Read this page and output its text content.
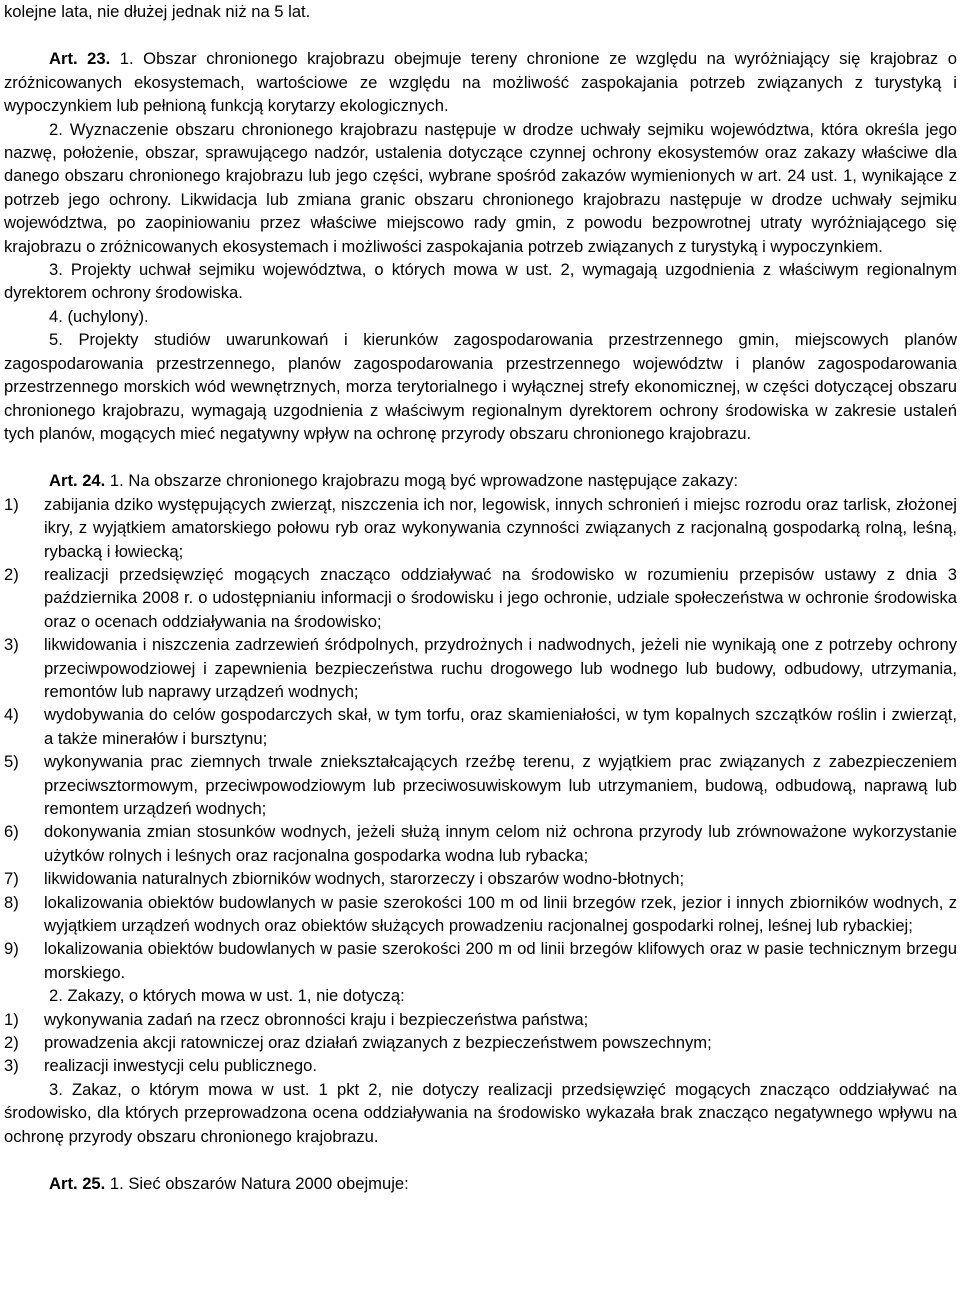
kolejne lata, nie dłużej jednak niż na 5 lat.

Art. 23. 1. Obszar chronionego krajobrazu obejmuje tereny chronione ze względu na wyróżniający się krajobraz o zróżnicowanych ekosystemach, wartościowe ze względu na możliwość zaspokajania potrzeb związanych z turystyką i wypoczynkiem lub pełnioną funkcją korytarzy ekologicznych.

2. Wyznaczenie obszaru chronionego krajobrazu następuje w drodze uchwały sejmiku województwa, która określa jego nazwę, położenie, obszar, sprawującego nadzór, ustalenia dotyczące czynnej ochrony ekosystemów oraz zakazy właściwe dla danego obszaru chronionego krajobrazu lub jego części, wybrane spośród zakazów wymienionych w art. 24 ust. 1, wynikające z potrzeb jego ochrony. Likwidacja lub zmiana granic obszaru chronionego krajobrazu następuje w drodze uchwały sejmiku województwa, po zaopiniowaniu przez właściwe miejscowo rady gmin, z powodu bezpowrotnej utraty wyróżniającego się krajobrazu o zróżnicowanych ekosystemach i możliwości zaspokajania potrzeb związanych z turystyką i wypoczynkiem.

3. Projekty uchwał sejmiku województwa, o których mowa w ust. 2, wymagają uzgodnienia z właściwym regionalnym dyrektorem ochrony środowiska.

4. (uchylony).

5. Projekty studiów uwarunkowań i kierunków zagospodarowania przestrzennego gmin, miejscowych planów zagospodarowania przestrzennego, planów zagospodarowania przestrzennego województw i planów zagospodarowania przestrzennego morskich wód wewnętrznych, morza terytorialnego i wyłącznej strefy ekonomicznej, w części dotyczącej obszaru chronionego krajobrazu, wymagają uzgodnienia z właściwym regionalnym dyrektorem ochrony środowiska w zakresie ustaleń tych planów, mogących mieć negatywny wpływ na ochronę przyrody obszaru chronionego krajobrazu.

Art. 24. 1. Na obszarze chronionego krajobrazu mogą być wprowadzone następujące zakazy:

1)	zabijania dziko występujących zwierząt, niszczenia ich nor, legowisk, innych schronień i miejsc rozrodu oraz tarlisk, złożonej ikry, z wyjątkiem amatorskiego połowu ryb oraz wykonywania czynności związanych z racjonalną gospodarką rolną, leśną, rybacką i łowiecką;
2)	realizacji przedsięwzięć mogących znacząco oddziaływać na środowisko w rozumieniu przepisów ustawy z dnia 3 października 2008 r. o udostępnianiu informacji o środowisku i jego ochronie, udziale społeczeństwa w ochronie środowiska oraz o ocenach oddziaływania na środowisko;
3)	likwidowania i niszczenia zadrzewień śródpolnych, przydrożnych i nadwodnych, jeżeli nie wynikają one z potrzeby ochrony przeciwpowodziowej i zapewnienia bezpieczeństwa ruchu drogowego lub wodnego lub budowy, odbudowy, utrzymania, remontów lub naprawy urządzeń wodnych;
4)	wydobywania do celów gospodarczych skał, w tym torfu, oraz skamieniałości, w tym kopalnych szczątków roślin i zwierząt, a także minerałów i bursztynu;
5)	wykonywania prac ziemnych trwale zniekształcających rzeźbę terenu, z wyjątkiem prac związanych z zabezpieczeniem przeciwsztormowym, przeciwpowodziowym lub przeciwosuwiskowym lub utrzymaniem, budową, odbudową, naprawą lub remontem urządzeń wodnych;
6)	dokonywania zmian stosunków wodnych, jeżeli służą innym celom niż ochrona przyrody lub zrównoważone wykorzystanie użytków rolnych i leśnych oraz racjonalna gospodarka wodna lub rybacka;
7)	likwidowania naturalnych zbiorników wodnych, starorzeczy i obszarów wodno-błotnych;
8)	lokalizowania obiektów budowlanych w pasie szerokości 100 m od linii brzegów rzek, jezior i innych zbiorników wodnych, z wyjątkiem urządzeń wodnych oraz obiektów służących prowadzeniu racjonalnej gospodarki rolnej, leśnej lub rybackiej;
9)	lokalizowania obiektów budowlanych w pasie szerokości 200 m od linii brzegów klifowych oraz w pasie technicznym brzegu morskiego.

2. Zakazy, o których mowa w ust. 1, nie dotyczą:

1)	wykonywania zadań na rzecz obronności kraju i bezpieczeństwa państwa;
2)	prowadzenia akcji ratowniczej oraz działań związanych z bezpieczeństwem powszechnym;
3)	realizacji inwestycji celu publicznego.

3. Zakaz, o którym mowa w ust. 1 pkt 2, nie dotyczy realizacji przedsięwzięć mogących znacząco oddziaływać na środowisko, dla których przeprowadzona ocena oddziaływania na środowisko wykazała brak znacząco negatywnego wpływu na ochronę przyrody obszaru chronionego krajobrazu.

Art. 25. 1. Sieć obszarów Natura 2000 obejmuje:
